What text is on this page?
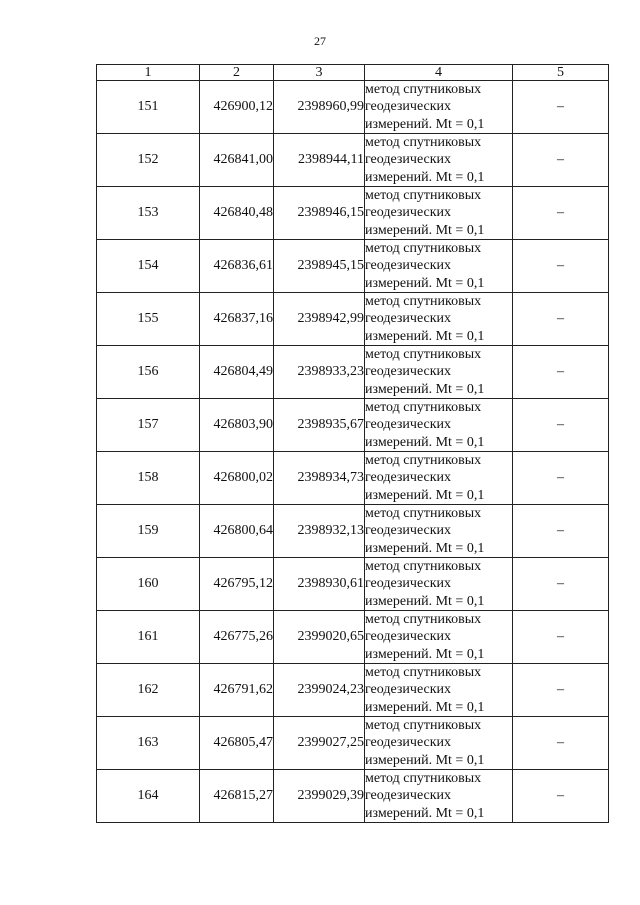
27
1	2	3	4	5
151	426900,12	2398960,99	метод спутниковых
геодезических
измерений. Mt = 0,1	–
152	426841,00	2398944,11	метод спутниковых
геодезических
измерений. Mt = 0,1	–
153	426840,48	2398946,15	метод спутниковых
геодезических
измерений. Mt = 0,1	–
154	426836,61	2398945,15	метод спутниковых
геодезических
измерений. Mt = 0,1	–
155	426837,16	2398942,99	метод спутниковых
геодезических
измерений. Mt = 0,1	–
156	426804,49	2398933,23	метод спутниковых
геодезических
измерений. Mt = 0,1	–
157	426803,90	2398935,67	метод спутниковых
геодезических
измерений. Mt = 0,1	–
158	426800,02	2398934,73	метод спутниковых
геодезических
измерений. Mt = 0,1	–
159	426800,64	2398932,13	метод спутниковых
геодезических
измерений. Mt = 0,1	–
160	426795,12	2398930,61	метод спутниковых
геодезических
измерений. Mt = 0,1	–
161	426775,26	2399020,65	метод спутниковых
геодезических
измерений. Mt = 0,1	–
162	426791,62	2399024,23	метод спутниковых
геодезических
измерений. Mt = 0,1	–
163	426805,47	2399027,25	метод спутниковых
геодезических
измерений. Mt = 0,1	–
164	426815,27	2399029,39	метод спутниковых
геодезических
измерений. Mt = 0,1	–
